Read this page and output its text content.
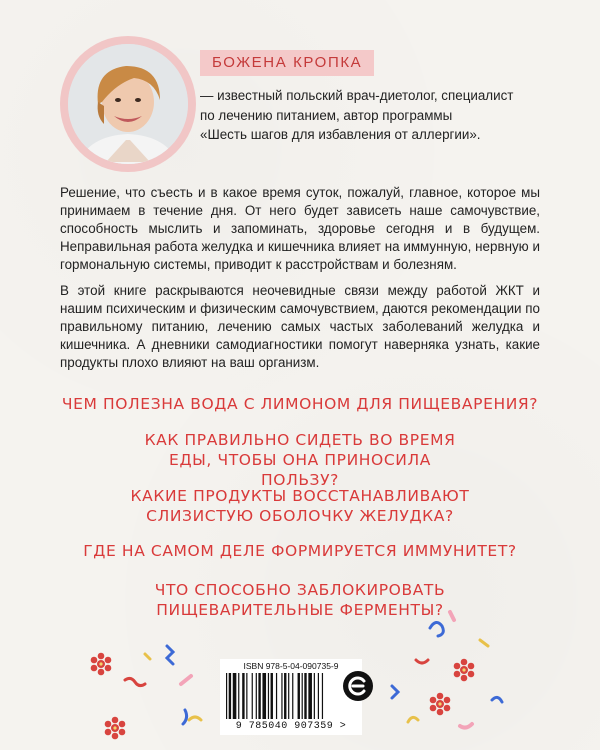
БОЖЕНА КРОПКА
— известный польский врач-диетолог, специалист
по лечению питанием, автор программы
«Шесть шагов для избавления от аллергии».

Решение, что съесть и в какое время суток, пожалуй, главное, которое мы принимаем в течение дня. От него будет зависеть наше самочувствие, способность мыслить и запоминать, здоровье сегодня и в будущем. Неправильная работа желудка и кишечника влияет на иммунную, нервную и гормональную системы, приводит к расстройствам и болезням.

В этой книге раскрываются неочевидные связи между работой ЖКТ и нашим психическим и физическим самочувствием, даются рекомендации по правильному питанию, лечению самых частых заболеваний желудка и кишечника. А дневники самодиагностики помогут наверняка узнать, какие продукты плохо влияют на ваш организм.

ЧЕМ ПОЛЕЗНА ВОДА С ЛИМОНОМ ДЛЯ ПИЩЕВАРЕНИЯ?
КАК ПРАВИЛЬНО СИДЕТЬ ВО ВРЕМЯ ЕДЫ, ЧТОБЫ ОНА ПРИНОСИЛА ПОЛЬЗУ?
КАКИЕ ПРОДУКТЫ ВОССТАНАВЛИВАЮТ СЛИЗИСТУЮ ОБОЛОЧКУ ЖЕЛУДКА?
ГДЕ НА САМОМ ДЕЛЕ ФОРМИРУЕТСЯ ИММУНИТЕТ?
ЧТО СПОСОБНО ЗАБЛОКИРОВАТЬ ПИЩЕВАРИТЕЛЬНЫЕ ФЕРМЕНТЫ?
ISBN 978-5-04-090735-9
9 785040 907359 >
